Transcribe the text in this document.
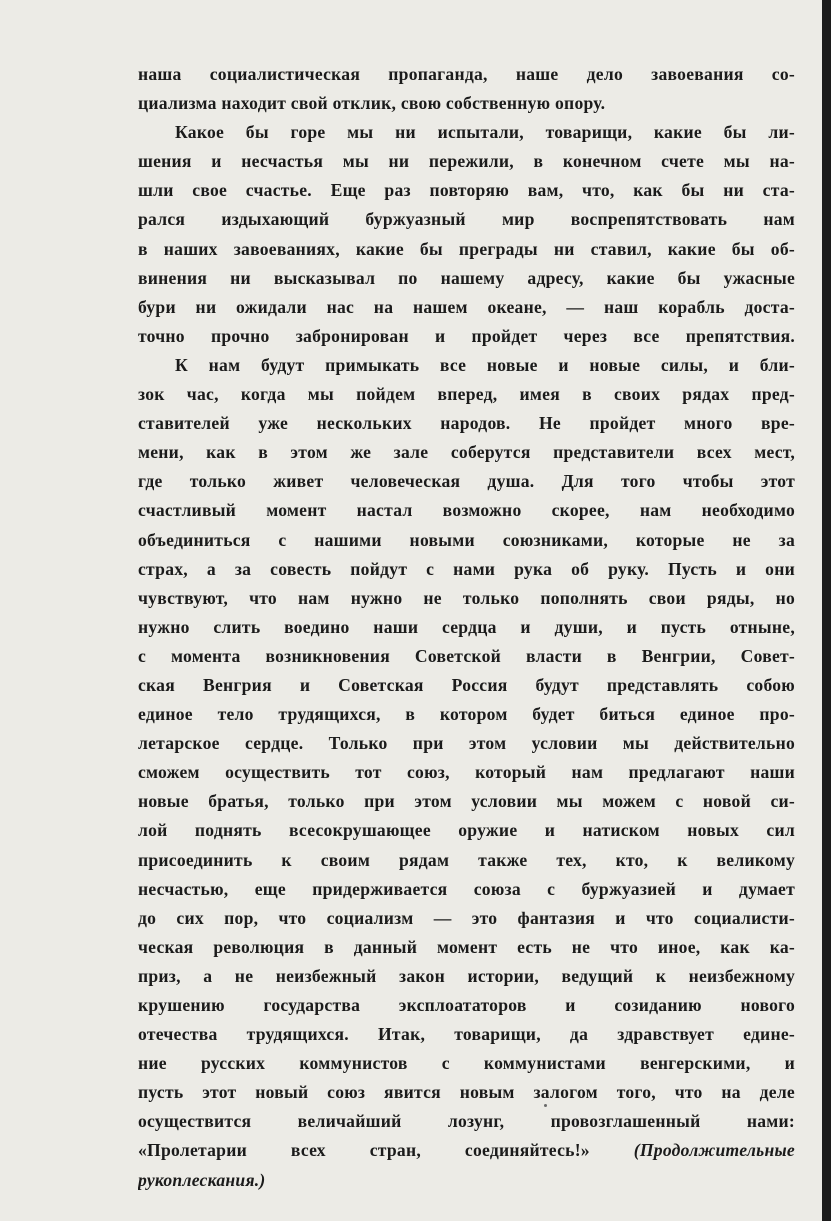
наша социалистическая пропаганда, наше дело завоевания со-
циализма находит свой отклик, свою собственную опору.

Какое бы горе мы ни испытали, товарищи, какие бы ли-
шения и несчастья мы ни пережили, в конечном счете мы на-
шли свое счастье. Еще раз повторяю вам, что, как бы ни ста-
рался издыхающий буржуазный мир воспрепятствовать нам
в наших завоеваниях, какие бы преграды ни ставил, какие бы об-
винения ни высказывал по нашему адресу, какие бы ужасные
бури ни ожидали нас на нашем океане, — наш корабль доста-
точно прочно забронирован и пройдет через все препятствия.

К нам будут примыкать все новые и новые силы, и бли-
зок час, когда мы пойдем вперед, имея в своих рядах пред-
ставителей уже нескольких народов. Не пройдет много вре-
мени, как в этом же зале соберутся представители всех мест,
где только живет человеческая душа. Для того чтобы этот
счастливый момент настал возможно скорее, нам необходимо
объединиться с нашими новыми союзниками, которые не за
страх, а за совесть пойдут с нами рука об руку. Пусть и они
чувствуют, что нам нужно не только пополнять свои ряды, но
нужно слить воедино наши сердца и души, и пусть отныне,
с момента возникновения Советской власти в Венгрии, Совет-
ская Венгрия и Советская Россия будут представлять собою
единое тело трудящихся, в котором будет биться единое про-
летарское сердце. Только при этом условии мы действительно
сможем осуществить тот союз, который нам предлагают наши
новые братья, только при этом условии мы можем с новой си-
лой поднять всесокрушающее оружие и натиском новых сил
присоединить к своим рядам также тех, кто, к великому
несчастью, еще придерживается союза с буржуазией и думает
до сих пор, что социализм — это фантазия и что социалисти-
ческая революция в данный момент есть не что иное, как ка-
приз, а не неизбежный закон истории, ведущий к неизбежному
крушению государства эксплоататоров и созиданию нового
отечества трудящихся. Итак, товарищи, да здравствует едине-
ние русских коммунистов с коммунистами венгерскими, и
пусть этот новый союз явится новым залогом того, что на деле
осуществится величайший лозунг, провозглашенный нами:
«Пролетарии всех стран, соединяйтесь!» (Продолжительные
рукоплескания.)
